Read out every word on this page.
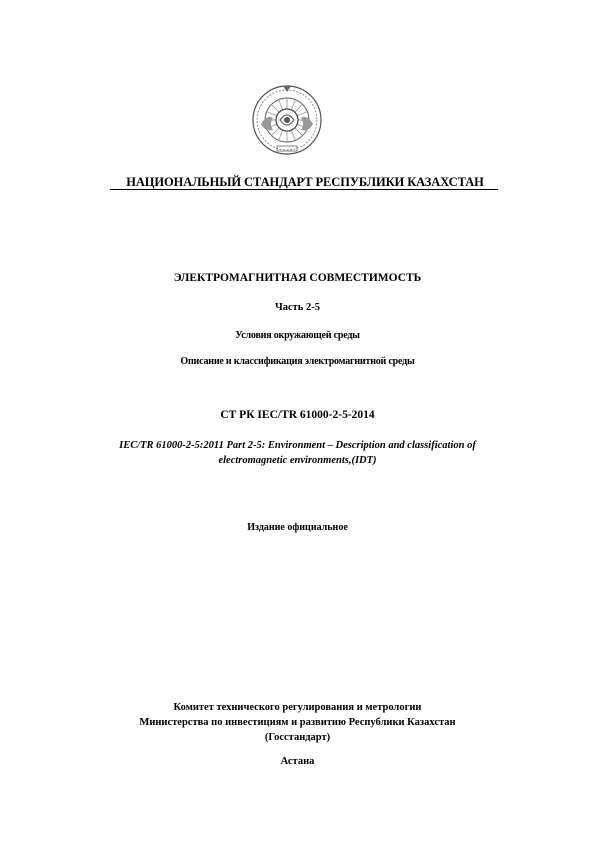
НАЦИОНАЛЬНЫЙ СТАНДАРТ РЕСПУБЛИКИ КАЗАХСТАН
ЭЛЕКТРОМАГНИТНАЯ СОВМЕСТИМОСТЬ
Часть 2-5
Условия окружающей среды
Описание и классификация электромагнитной среды
СТ РК IEC/TR 61000-2-5-2014
IEC/TR 61000-2-5:2011 Part 2-5: Environment – Description and classification of
electromagnetic environments,(IDT)
Издание официальное
Комитет технического регулирования и метрологии
Министерства по инвестициям и развитию Республики Казахстан
(Госстандарт)
Астана
